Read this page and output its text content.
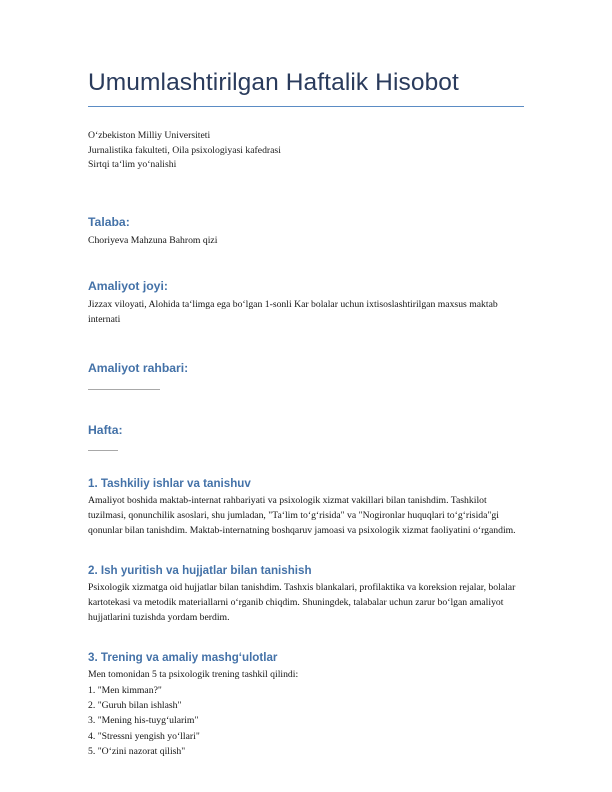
Umumlashtirilgan Haftalik Hisobot
Oʻzbekiston Milliy Universiteti
Jurnalistika fakulteti, Oila psixologiyasi kafedrasi
Sirtqi taʻlim yoʻnalishi
Talaba:

Choriyeva Mahzuna Bahrom qizi

Amaliyot joyi:

Jizzax viloyati, Alohida taʻlimga ega boʻlgan 1-sonli Kar bolalar uchun ixtisoslashtirilgan maxsus maktab internati

Amaliyot rahbari:
Hafta:
1. Tashkiliy ishlar va tanishuv

Amaliyot boshida maktab-internat rahbariyati va psixologik xizmat vakillari bilan tanishdim. Tashkilot tuzilmasi, qonunchilik asoslari, shu jumladan, "Taʻlim toʻgʻrisida" va "Nogironlar huquqlari toʻgʻrisida"gi qonunlar bilan tanishdim. Maktab-internatning boshqaruv jamoasi va psixologik xizmat faoliyatini oʻrgandim.

2. Ish yuritish va hujjatlar bilan tanishish

Psixologik xizmatga oid hujjatlar bilan tanishdim. Tashxis blankalari, profilaktika va koreksion rejalar, bolalar kartotekasi va metodik materiallarni oʻrganib chiqdim. Shuningdek, talabalar uchun zarur boʻlgan amaliyot hujjatlarini tuzishda yordam berdim.

3. Trening va amaliy mashgʻulotlar

Men tomonidan 5 ta psixologik trening tashkil qilindi:

1. "Men kimman?"
2. "Guruh bilan ishlash"
3. "Mening his-tuygʻularim"
4. "Stressni yengish yoʻllari"
5. "Oʻzini nazorat qilish"
